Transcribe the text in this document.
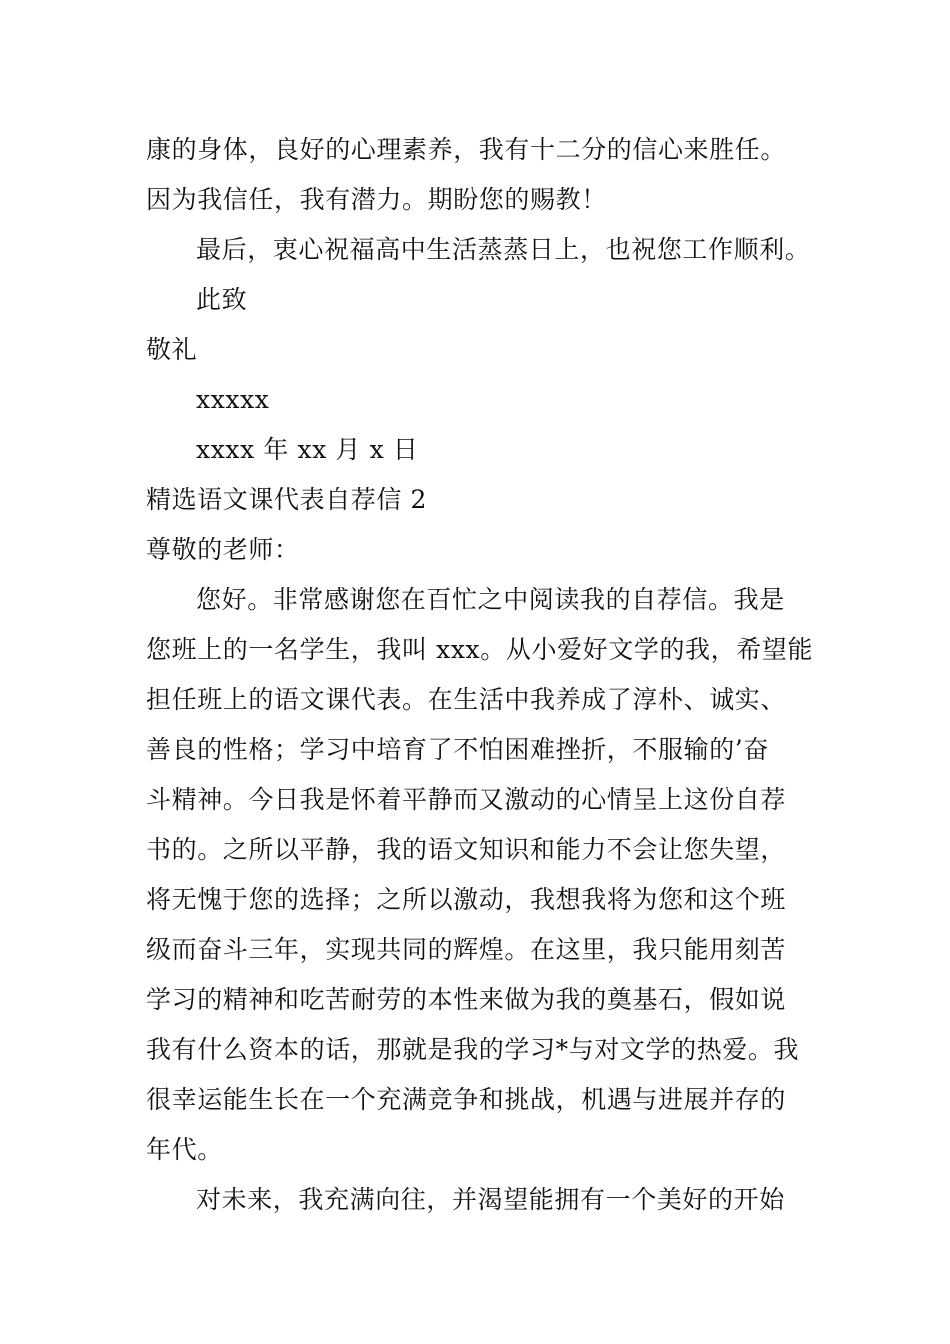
康的身体，良好的心理素养，我有十二分的信心来胜任。
因为我信任，我有潜力。期盼您的赐教！
最后，衷心祝福高中生活蒸蒸日上，也祝您工作顺利。
此致
敬礼
xxxxx
xxxx 年 xx 月 x 日
精选语文课代表自荐信 2
尊敬的老师：
您好。非常感谢您在百忙之中阅读我的自荐信。我是
您班上的一名学生，我叫 xxx。从小爱好文学的我，希望能
担任班上的语文课代表。在生活中我养成了淳朴、诚实、
善良的性格；学习中培育了不怕困难挫折，不服输的’奋
斗精神。今日我是怀着平静而又激动的心情呈上这份自荐
书的。之所以平静，我的语文知识和能力不会让您失望，
将无愧于您的选择；之所以激动，我想我将为您和这个班
级而奋斗三年，实现共同的辉煌。在这里，我只能用刻苦
学习的精神和吃苦耐劳的本性来做为我的奠基石，假如说
我有什么资本的话，那就是我的学习*与对文学的热爱。我
很幸运能生长在一个充满竞争和挑战，机遇与进展并存的
年代。
对未来，我充满向往，并渴望能拥有一个美好的开始
